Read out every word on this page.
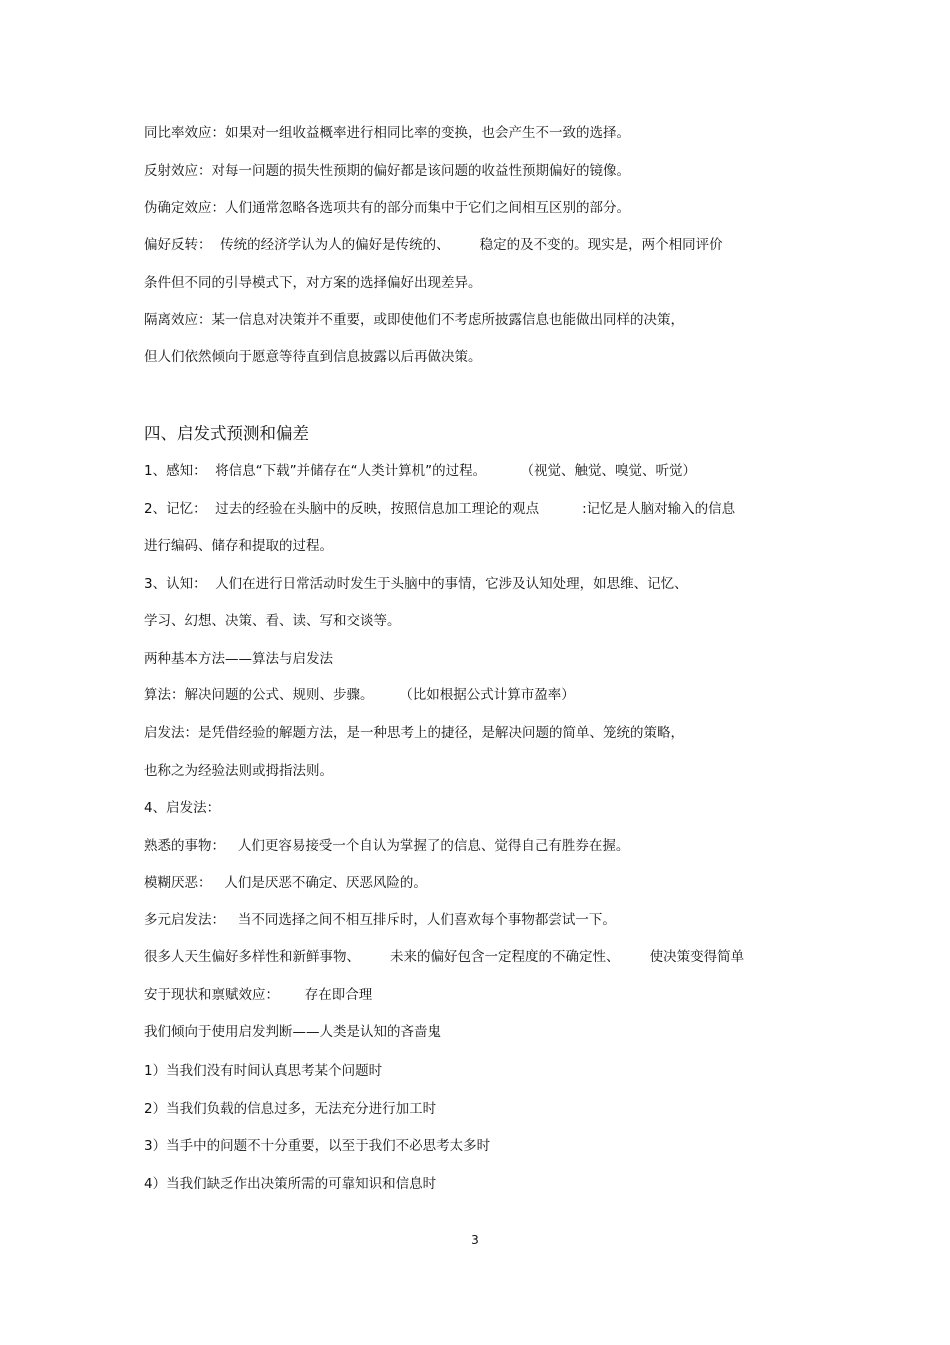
同比率效应：如果对一组收益概率进行相同比率的变换，也会产生不一致的选择。
反射效应：对每一问题的损失性预期的偏好都是该问题的收益性预期偏好的镜像。
伪确定效应：人们通常忽略各选项共有的部分而集中于它们之间相互区别的部分。
偏好反转：  传统的经济学认为人的偏好是传统的、       稳定的及不变的。现实是，两个相同评价
条件但不同的引导模式下，对方案的选择偏好出现差异。
隔离效应：某一信息对决策并不重要，或即使他们不考虑所披露信息也能做出同样的决策，
但人们依然倾向于愿意等待直到信息披露以后再做决策。
四、启发式预测和偏差
1、感知：  将信息“下载”并储存在“人类计算机”的过程。        （视觉、触觉、嗅觉、听觉）
2、记忆：  过去的经验在头脑中的反映，按照信息加工理论的观点          :记忆是人脑对输入的信息
进行编码、储存和提取的过程。
3、认知：  人们在进行日常活动时发生于头脑中的事情，它涉及认知处理，如思维、记忆、
学习、幻想、决策、看、读、写和交谈等。
两种基本方法——算法与启发法
算法：解决问题的公式、规则、步骤。      （比如根据公式计算市盈率）
启发法：是凭借经验的解题方法，是一种思考上的捷径，是解决问题的简单、笼统的策略，
也称之为经验法则或拇指法则。
4、启发法：
熟悉的事物：   人们更容易接受一个自认为掌握了的信息、觉得自己有胜券在握。
模糊厌恶：   人们是厌恶不确定、厌恶风险的。
多元启发法：   当不同选择之间不相互排斥时，人们喜欢每个事物都尝试一下。
很多人天生偏好多样性和新鲜事物、       未来的偏好包含一定程度的不确定性、       使决策变得简单
安于现状和禀赋效应：      存在即合理
我们倾向于使用启发判断——人类是认知的吝啬鬼
1）当我们没有时间认真思考某个问题时
2）当我们负载的信息过多，无法充分进行加工时
3）当手中的问题不十分重要，以至于我们不必思考太多时
4）当我们缺乏作出决策所需的可靠知识和信息时
3
